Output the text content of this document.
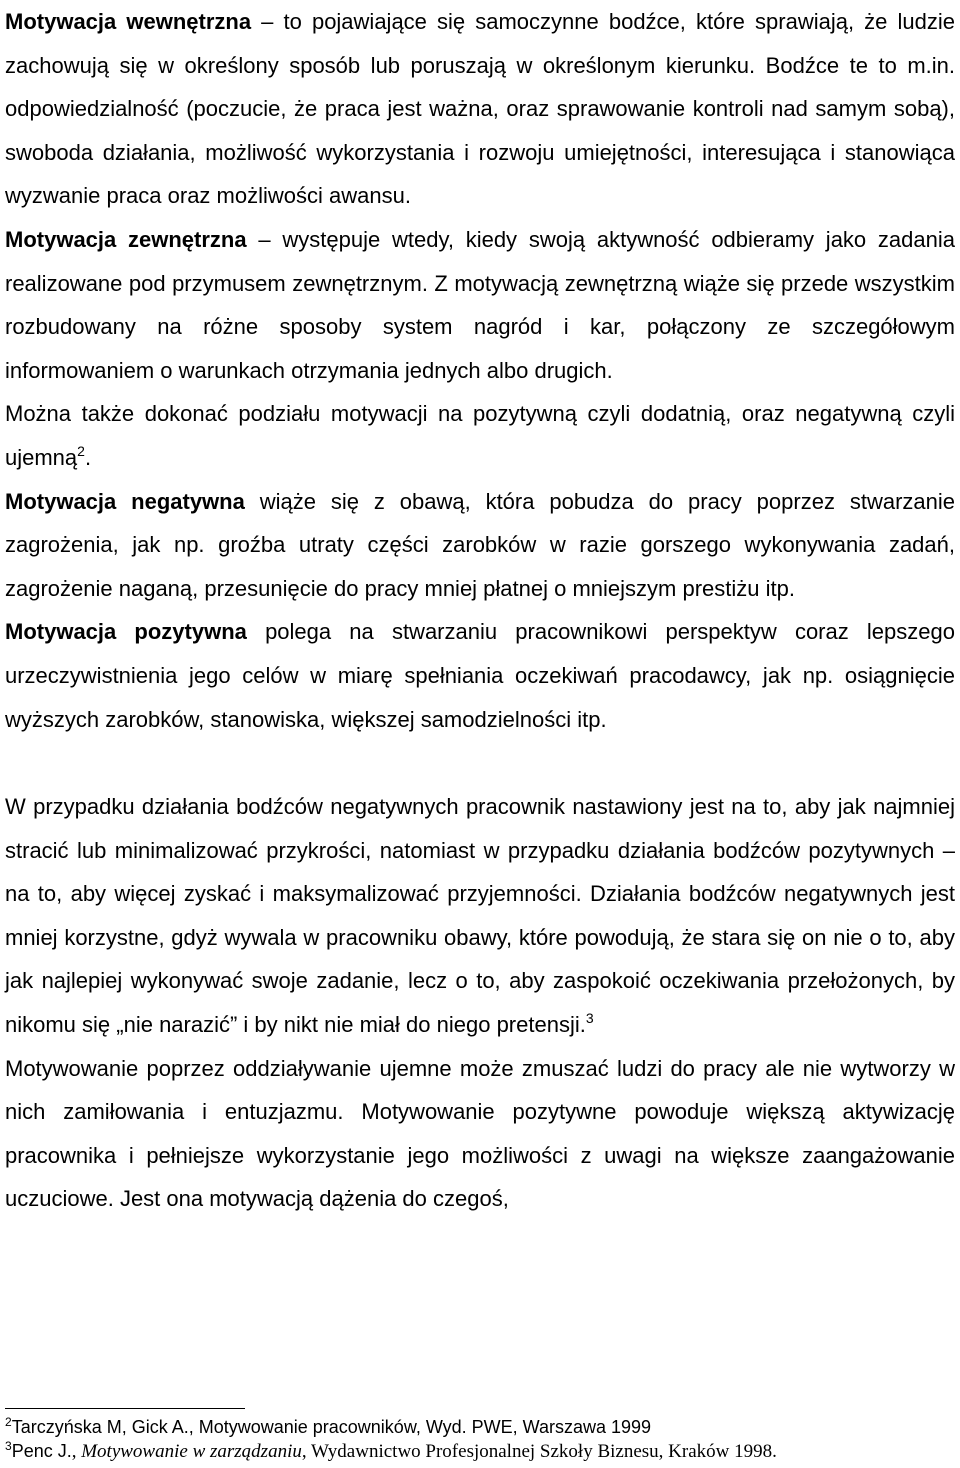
Motywacja wewnętrzna – to pojawiające się samoczynne bodźce, które sprawiają, że ludzie zachowują się w określony sposób lub poruszają w określonym kierunku. Bodźce te to m.in. odpowiedzialność (poczucie, że praca jest ważna, oraz sprawowanie kontroli nad samym sobą), swoboda działania, możliwość wykorzystania i rozwoju umiejętności, interesująca i stanowiąca wyzwanie praca oraz możliwości awansu.

Motywacja zewnętrzna – występuje wtedy, kiedy swoją aktywność odbieramy jako zadania realizowane pod przymusem zewnętrznym. Z motywacją zewnętrzną wiąże się przede wszystkim rozbudowany na różne sposoby system nagród i kar, połączony ze szczegółowym informowaniem o warunkach otrzymania jednych albo drugich.

Można także dokonać podziału motywacji na pozytywną czyli dodatnią, oraz negatywną czyli ujemną$^2$.

Motywacja negatywna wiąże się z obawą, która pobudza do pracy poprzez stwarzanie zagrożenia, jak np. groźba utraty części zarobków w razie gorszego wykonywania zadań, zagrożenie naganą, przesunięcie do pracy mniej płatnej o mniejszym prestiżu itp.

Motywacja pozytywna polega na stwarzaniu pracownikowi perspektyw coraz lepszego urzeczywistnienia jego celów w miarę spełniania oczekiwań pracodawcy, jak np. osiągnięcie wyższych zarobków, stanowiska, większej samodzielności itp.

W przypadku działania bodźców negatywnych pracownik nastawiony jest na to, aby jak najmniej stracić lub minimalizować przykrości, natomiast w przypadku działania bodźców pozytywnych – na to, aby więcej zyskać i maksymalizować przyjemności. Działania bodźców negatywnych jest mniej korzystne, gdyż wywala w pracowniku obawy, które powodują, że stara się on nie o to, aby jak najlepiej wykonywać swoje zadanie, lecz o to, aby zaspokoić oczekiwania przełożonych, by nikomu się „nie narazić” i by nikt nie miał do niego pretensji.$^3$

Motywowanie poprzez oddziaływanie ujemne może zmuszać ludzi do pracy ale nie wytworzy w nich zamiłowania i entuzjazmu. Motywowanie pozytywne powoduje większą aktywizację pracownika i pełniejsze wykorzystanie jego możliwości z uwagi na większe zaangażowanie uczuciowe. Jest ona motywacją dążenia do czegoś,

$^2$Tarczyńska M, Gick A., Motywowanie pracowników, Wyd. PWE, Warszawa 1999

$^3$Penc J., Motywowanie w zarządzaniu, Wydawnictwo Profesjonalnej Szkoły Biznesu, Kraków 1998.
